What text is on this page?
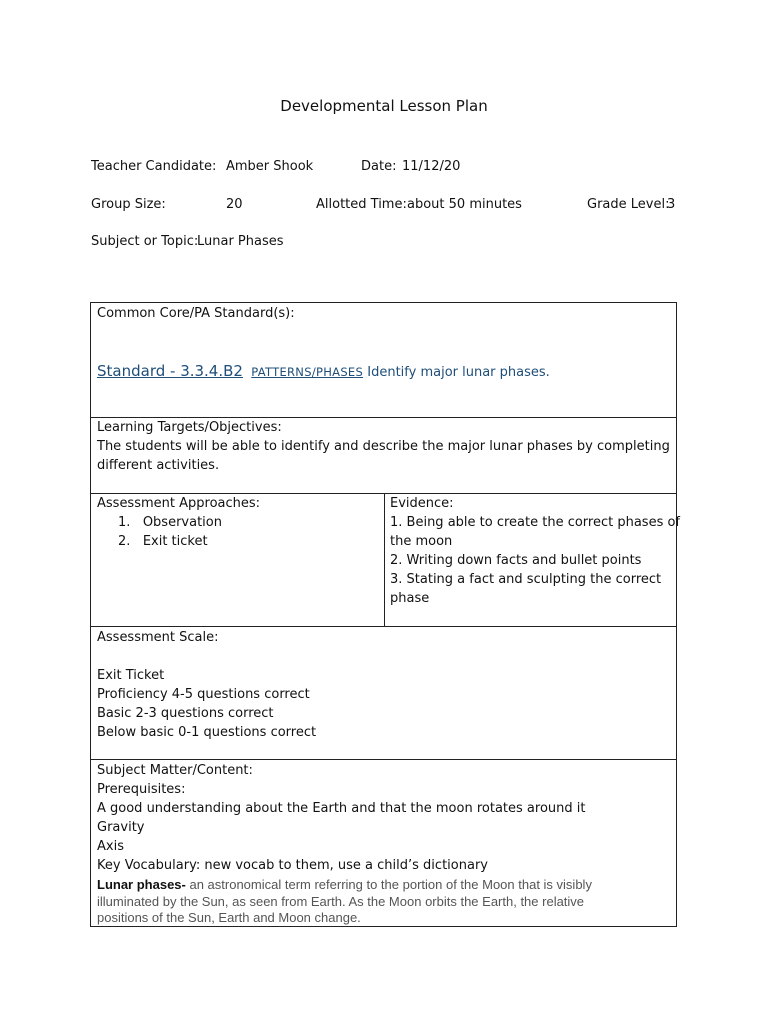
Developmental Lesson Plan
Teacher Candidate: Amber Shook	Date: 11/12/20
Group Size:	20	Allotted Time: about 50 minutes	Grade Level:
3
Subject or Topic:
Lunar Phases
Common Core/PA Standard(s):
Standard - 3.3.4.B2 PATTERNS/PHASES Identify major lunar phases.
Learning Targets/Objectives:
The students will be able to identify and describe the major lunar phases by completing
different activities.
Assessment Approaches:
1. Observation
2. Exit ticket
Evidence:
1. Being able to create the correct phases of
the moon
2. Writing down facts and bullet points
3. Stating a fact and sculpting the correct
phase
Assessment Scale:
Exit Ticket
Proficiency 4-5 questions correct
Basic 2-3 questions correct
Below basic 0-1 questions correct
Subject Matter/Content:
Prerequisites:
A good understanding about the Earth and that the moon rotates around it
Gravity
Axis
Key Vocabulary: new vocab to them, use a child’s dictionary
Lunar phases- an astronomical term referring to the portion of the Moon that is visibly
illuminated by the Sun, as seen from Earth. As the Moon orbits the Earth, the relative
positions of the Sun, Earth and Moon change.
